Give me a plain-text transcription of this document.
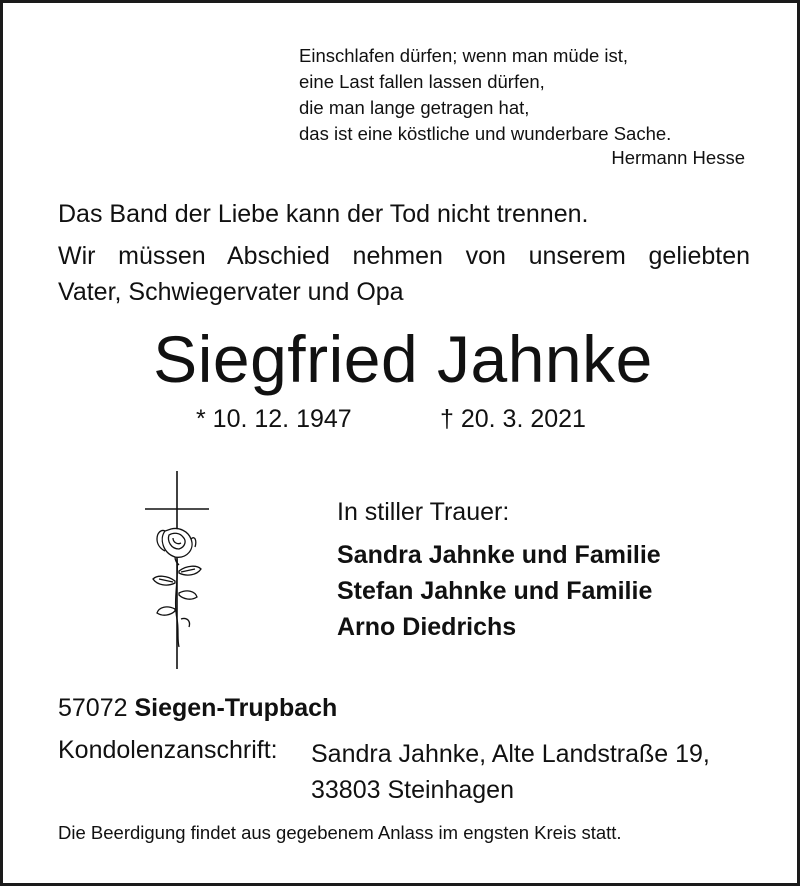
Einschlafen dürfen; wenn man müde ist,
eine Last fallen lassen dürfen,
die man lange getragen hat,
das ist eine köstliche und wunderbare Sache.
Hermann Hesse
Das Band der Liebe kann der Tod nicht trennen.
Wir müssen Abschied nehmen von unserem geliebten
Vater, Schwiegervater und Opa
Siegfried Jahnke
* 10. 12. 1947	† 20. 3. 2021
In stiller Trauer:
Sandra Jahnke und Familie
Stefan Jahnke und Familie
Arno Diedrichs
57072 Siegen-Trupbach
Kondolenzanschrift: Sandra Jahnke, Alte Landstraße 19,
33803 Steinhagen
Die Beerdigung findet aus gegebenem Anlass im engsten Kreis statt.
